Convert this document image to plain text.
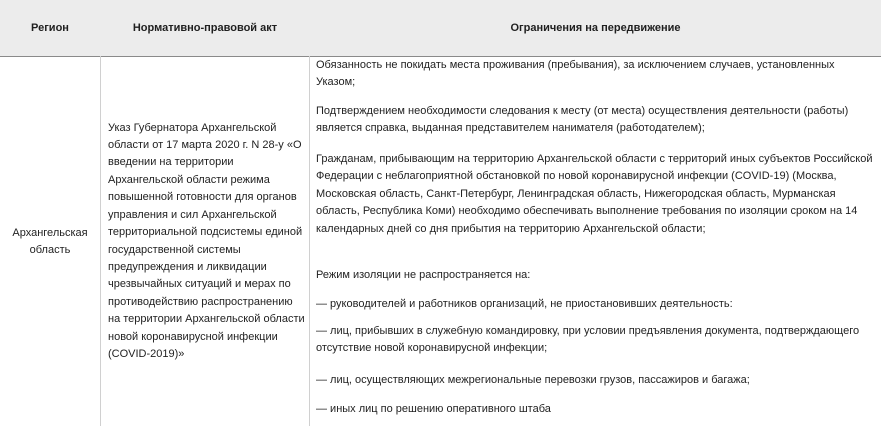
Регион	Нормативно-правовой акт	Ограничения на передвижение
Архангельская область
Указ Губернатора Архангельской области от 17 марта 2020 г. N 28-у «О введении на территории Архангельской области режима повышенной готовности для органов управления и сил Архангельской территориальной подсистемы единой государственной системы предупреждения и ликвидации чрезвычайных ситуаций и мерах по противодействию распространению на территории Архангельской области новой коронавирусной инфекции (COVID-2019)»
Обязанность не покидать места проживания (пребывания), за исключением случаев, установленных Указом;
Подтверждением необходимости следования к месту (от места) осуществления деятельности (работы) является справка, выданная представителем нанимателя (работодателем);
Гражданам, прибывающим на территорию Архангельской области с территорий иных субъектов Российской Федерации с неблагоприятной обстановкой по новой коронавирусной инфекции (COVID-19) (Москва, Московская область, Санкт-Петербург, Ленинградская область, Нижегородская область, Мурманская область, Республика Коми) необходимо обеспечивать выполнение требования по изоляции сроком на 14 календарных дней со дня прибытия на территорию Архангельской области;
Режим изоляции не распространяется на:
— руководителей и работников организаций, не приостановивших деятельность:
— лиц, прибывших в служебную командировку, при условии предъявления документа, подтверждающего отсутствие новой коронавирусной инфекции;
— лиц, осуществляющих межрегиональные перевозки грузов, пассажиров и багажа;
— иных лиц по решению оперативного штаба
